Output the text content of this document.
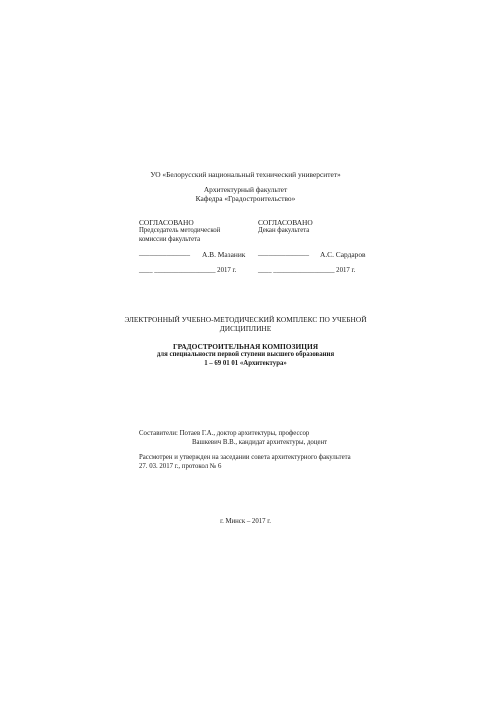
УО «Белорусский национальный технический университет»
Архитектурный факультет
Кафедра «Градостроительство»
СОГЛАСОВАНО
Председатель методической
комиссии факультета
_______________ А.В. Мазаник
____ __________________ 2017 г.
СОГЛАСОВАНО
Декан факультета
_______________ А.С. Сардаров
____ __________________ 2017 г.
ЭЛЕКТРОННЫЙ УЧЕБНО-МЕТОДИЧЕСКИЙ КОМПЛЕКС ПО УЧЕБНОЙ
ДИСЦИПЛИНЕ
ГРАДОСТРОИТЕЛЬНАЯ КОМПОЗИЦИЯ
для специальности первой ступени высшего образования
1 – 69 01 01 «Архитектура»
Составители: Потаев Г.А., доктор архитектуры, профессор
Вашкевич В.В., кандидат архитектуры, доцент
Рассмотрен и утвержден на заседании совета архитектурного факультета
27. 03. 2017 г., протокол № 6
г. Минск – 2017 г.
